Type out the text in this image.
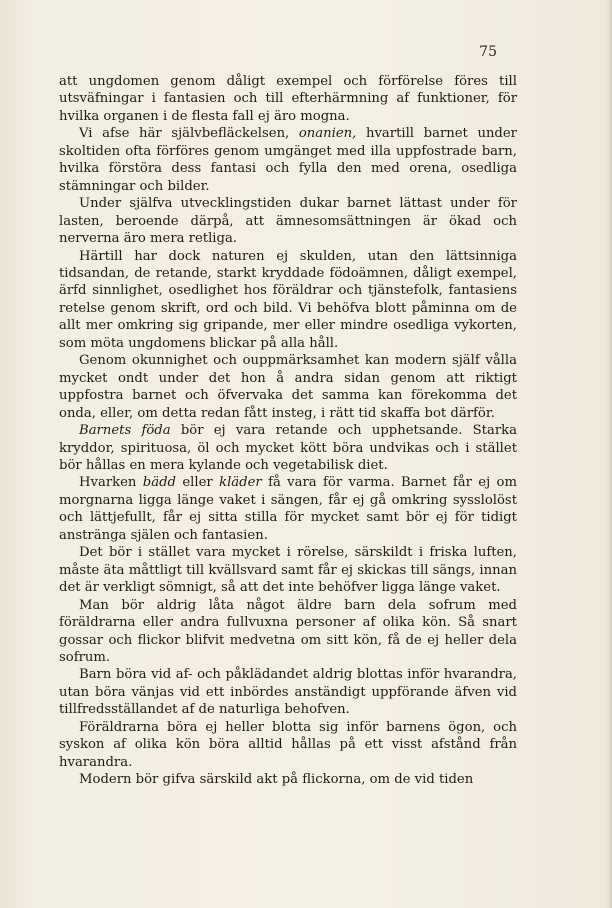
75

att ungdomen genom dåligt exempel och förförelse föres till utsväfningar i fantasien och till efterhärmning af funktioner, för hvilka organen i de flesta fall ej äro mogna.

Vi afse här självbefläckelsen, onanien, hvartill barnet under skoltiden ofta förföres genom umgänget med illa uppfostrade barn, hvilka förstöra dess fantasi och fylla den med orena, osedliga stämningar och bilder.

Under själfva utvecklingstiden dukar barnet lättast under för lasten, beroende därpå, att ämnesomsättningen är ökad och nerverna äro mera retliga.

Härtill har dock naturen ej skulden, utan den lättsinniga tidsandan, de retande, starkt kryddade födoämnen, dåligt exempel, ärfd sinnlighet, osedlighet hos föräldrar och tjänstefolk, fantasiens retelse genom skrift, ord och bild. Vi behöfva blott påminna om de allt mer omkring sig gripande, mer eller mindre osedliga vykorten, som möta ungdomens blickar på alla håll.

Genom okunnighet och ouppmärksamhet kan modern själf vålla mycket ondt under det hon å andra sidan genom att riktigt uppfostra barnet och öfvervaka det samma kan förekomma det onda, eller, om detta redan fått insteg, i rätt tid skaffa bot därför.

Barnets föda bör ej vara retande och upphetsande. Starka kryddor, spirituosa, öl och mycket kött böra undvikas och i stället bör hållas en mera kylande och vegetabilisk diet.

Hvarken bädd eller kläder få vara för varma. Barnet får ej om morgnarna ligga länge vaket i sängen, får ej gå omkring sysslolöst och lättjefullt, får ej sitta stilla för mycket samt bör ej för tidigt anstränga själen och fantasien.

Det bör i stället vara mycket i rörelse, särskildt i friska luften, måste äta måttligt till kvällsvard samt får ej skickas till sängs, innan det är verkligt sömnigt, så att det inte behöfver ligga länge vaket.

Man bör aldrig låta något äldre barn dela sofrum med föräldrarna eller andra fullvuxna personer af olika kön. Så snart gossar och flickor blifvit medvetna om sitt kön, få de ej heller dela sofrum.

Barn böra vid af- och påklädandet aldrig blottas inför hvarandra, utan böra vänjas vid ett inbördes anständigt uppförande äfven vid tillfredsställandet af de naturliga behofven.

Föräldrarna böra ej heller blotta sig inför barnens ögon, och syskon af olika kön böra alltid hållas på ett visst afstånd från hvarandra.

Modern bör gifva särskild akt på flickorna, om de vid tiden
